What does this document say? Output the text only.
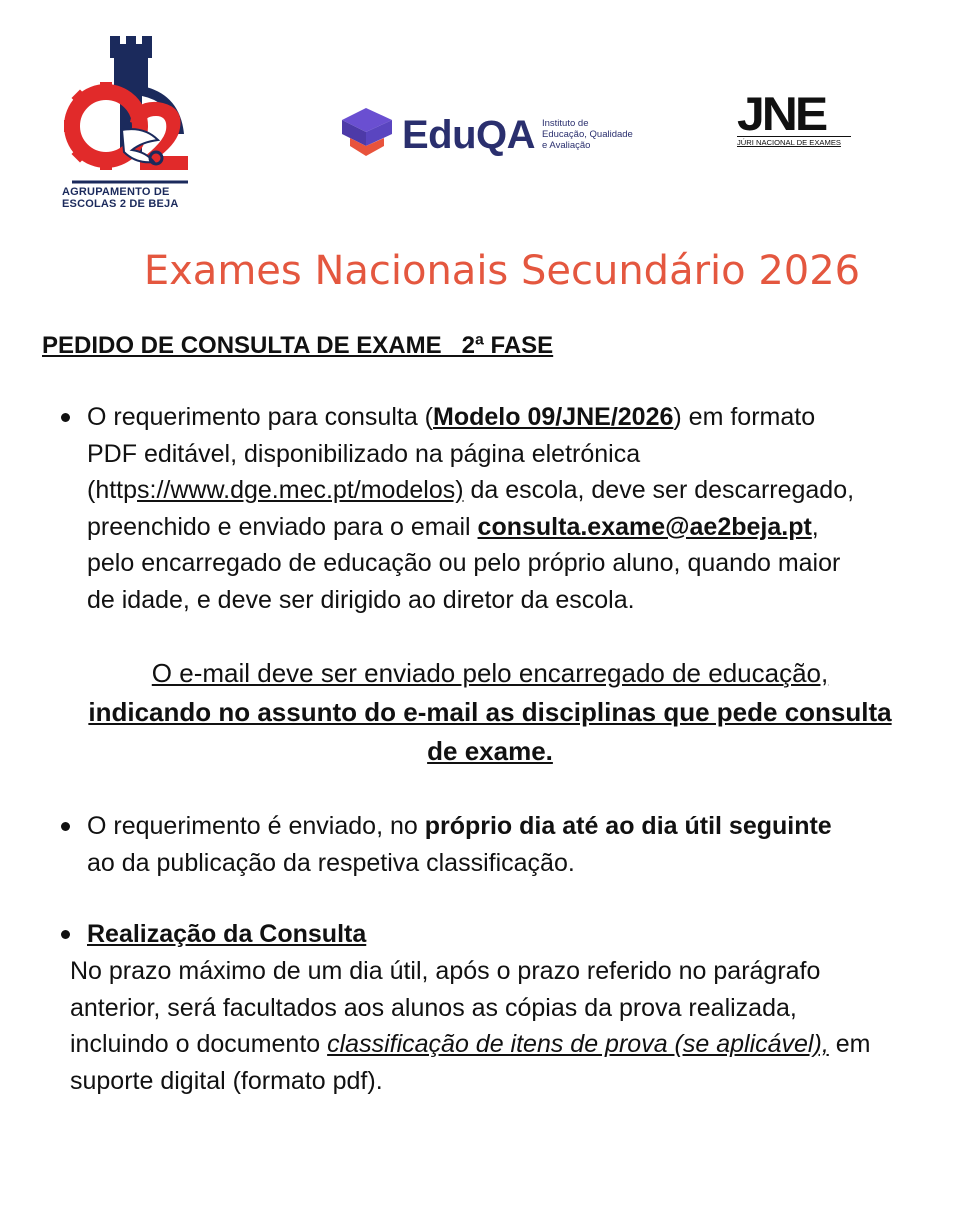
AGRUPAMENTO DE
ESCOLAS 2 DE BEJA
EduQA Instituto de
Educação, Qualidade
e Avaliação
JNE
JÚRI NACIONAL DE EXAMES
Exames Nacionais Secundário 2026
PEDIDO DE CONSULTA DE EXAME   2ª FASE
O requerimento para consulta (Modelo 09/JNE/2026) em formato
PDF editável, disponibilizado na página eletrónica
(https://www.dge.mec.pt/modelos) da escola, deve ser descarregado,
preenchido e enviado para o email consulta.exame@ae2beja.pt,
pelo encarregado de educação ou pelo próprio aluno, quando maior
de idade, e deve ser dirigido ao diretor da escola.
O e-mail deve ser enviado pelo encarregado de educação,
indicando no assunto do e-mail as disciplinas que pede consulta
de exame.
O requerimento é enviado, no próprio dia até ao dia útil seguinte
ao da publicação da respetiva classificação.
Realização da Consulta
No prazo máximo de um dia útil, após o prazo referido no parágrafo
anterior, será facultados aos alunos as cópias da prova realizada,
incluindo o documento classificação de itens de prova (se aplicável), em
suporte digital (formato pdf).
